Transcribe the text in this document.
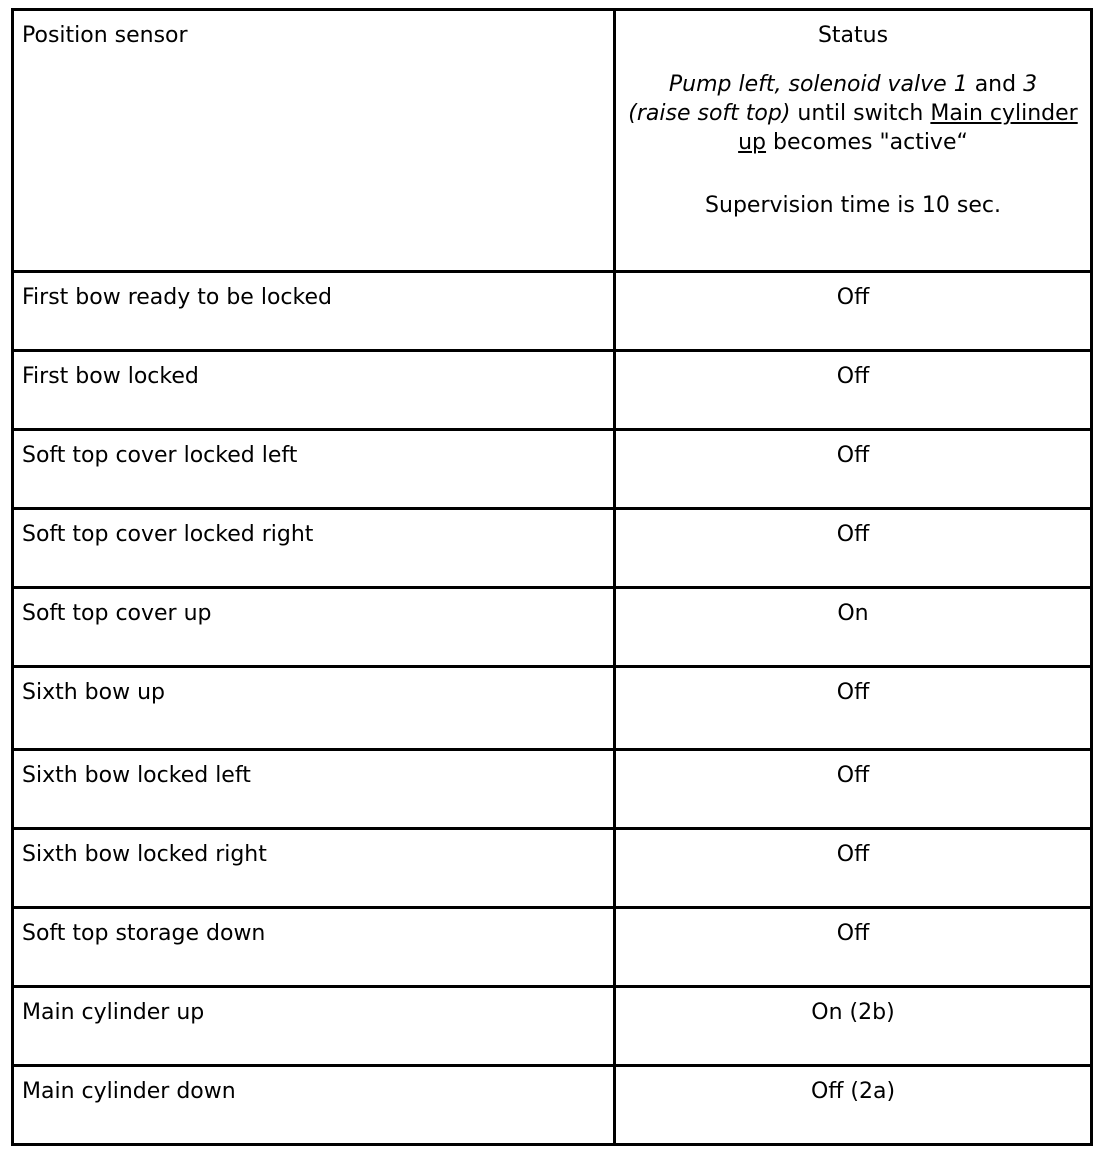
Position sensor	Status
Pump left, solenoid valve 1 and 3
(raise soft top) until switch Main cylinder up becomes "active“
Supervision time is 10 sec.

First bow ready to be locked	Off
First bow locked	Off
Soft top cover locked left	Off
Soft top cover locked right	Off
Soft top cover up	On
Sixth bow up	Off
Sixth bow locked left	Off
Sixth bow locked right	Off
Soft top storage down	Off
Main cylinder up	On (2b)
Main cylinder down	Off (2a)
